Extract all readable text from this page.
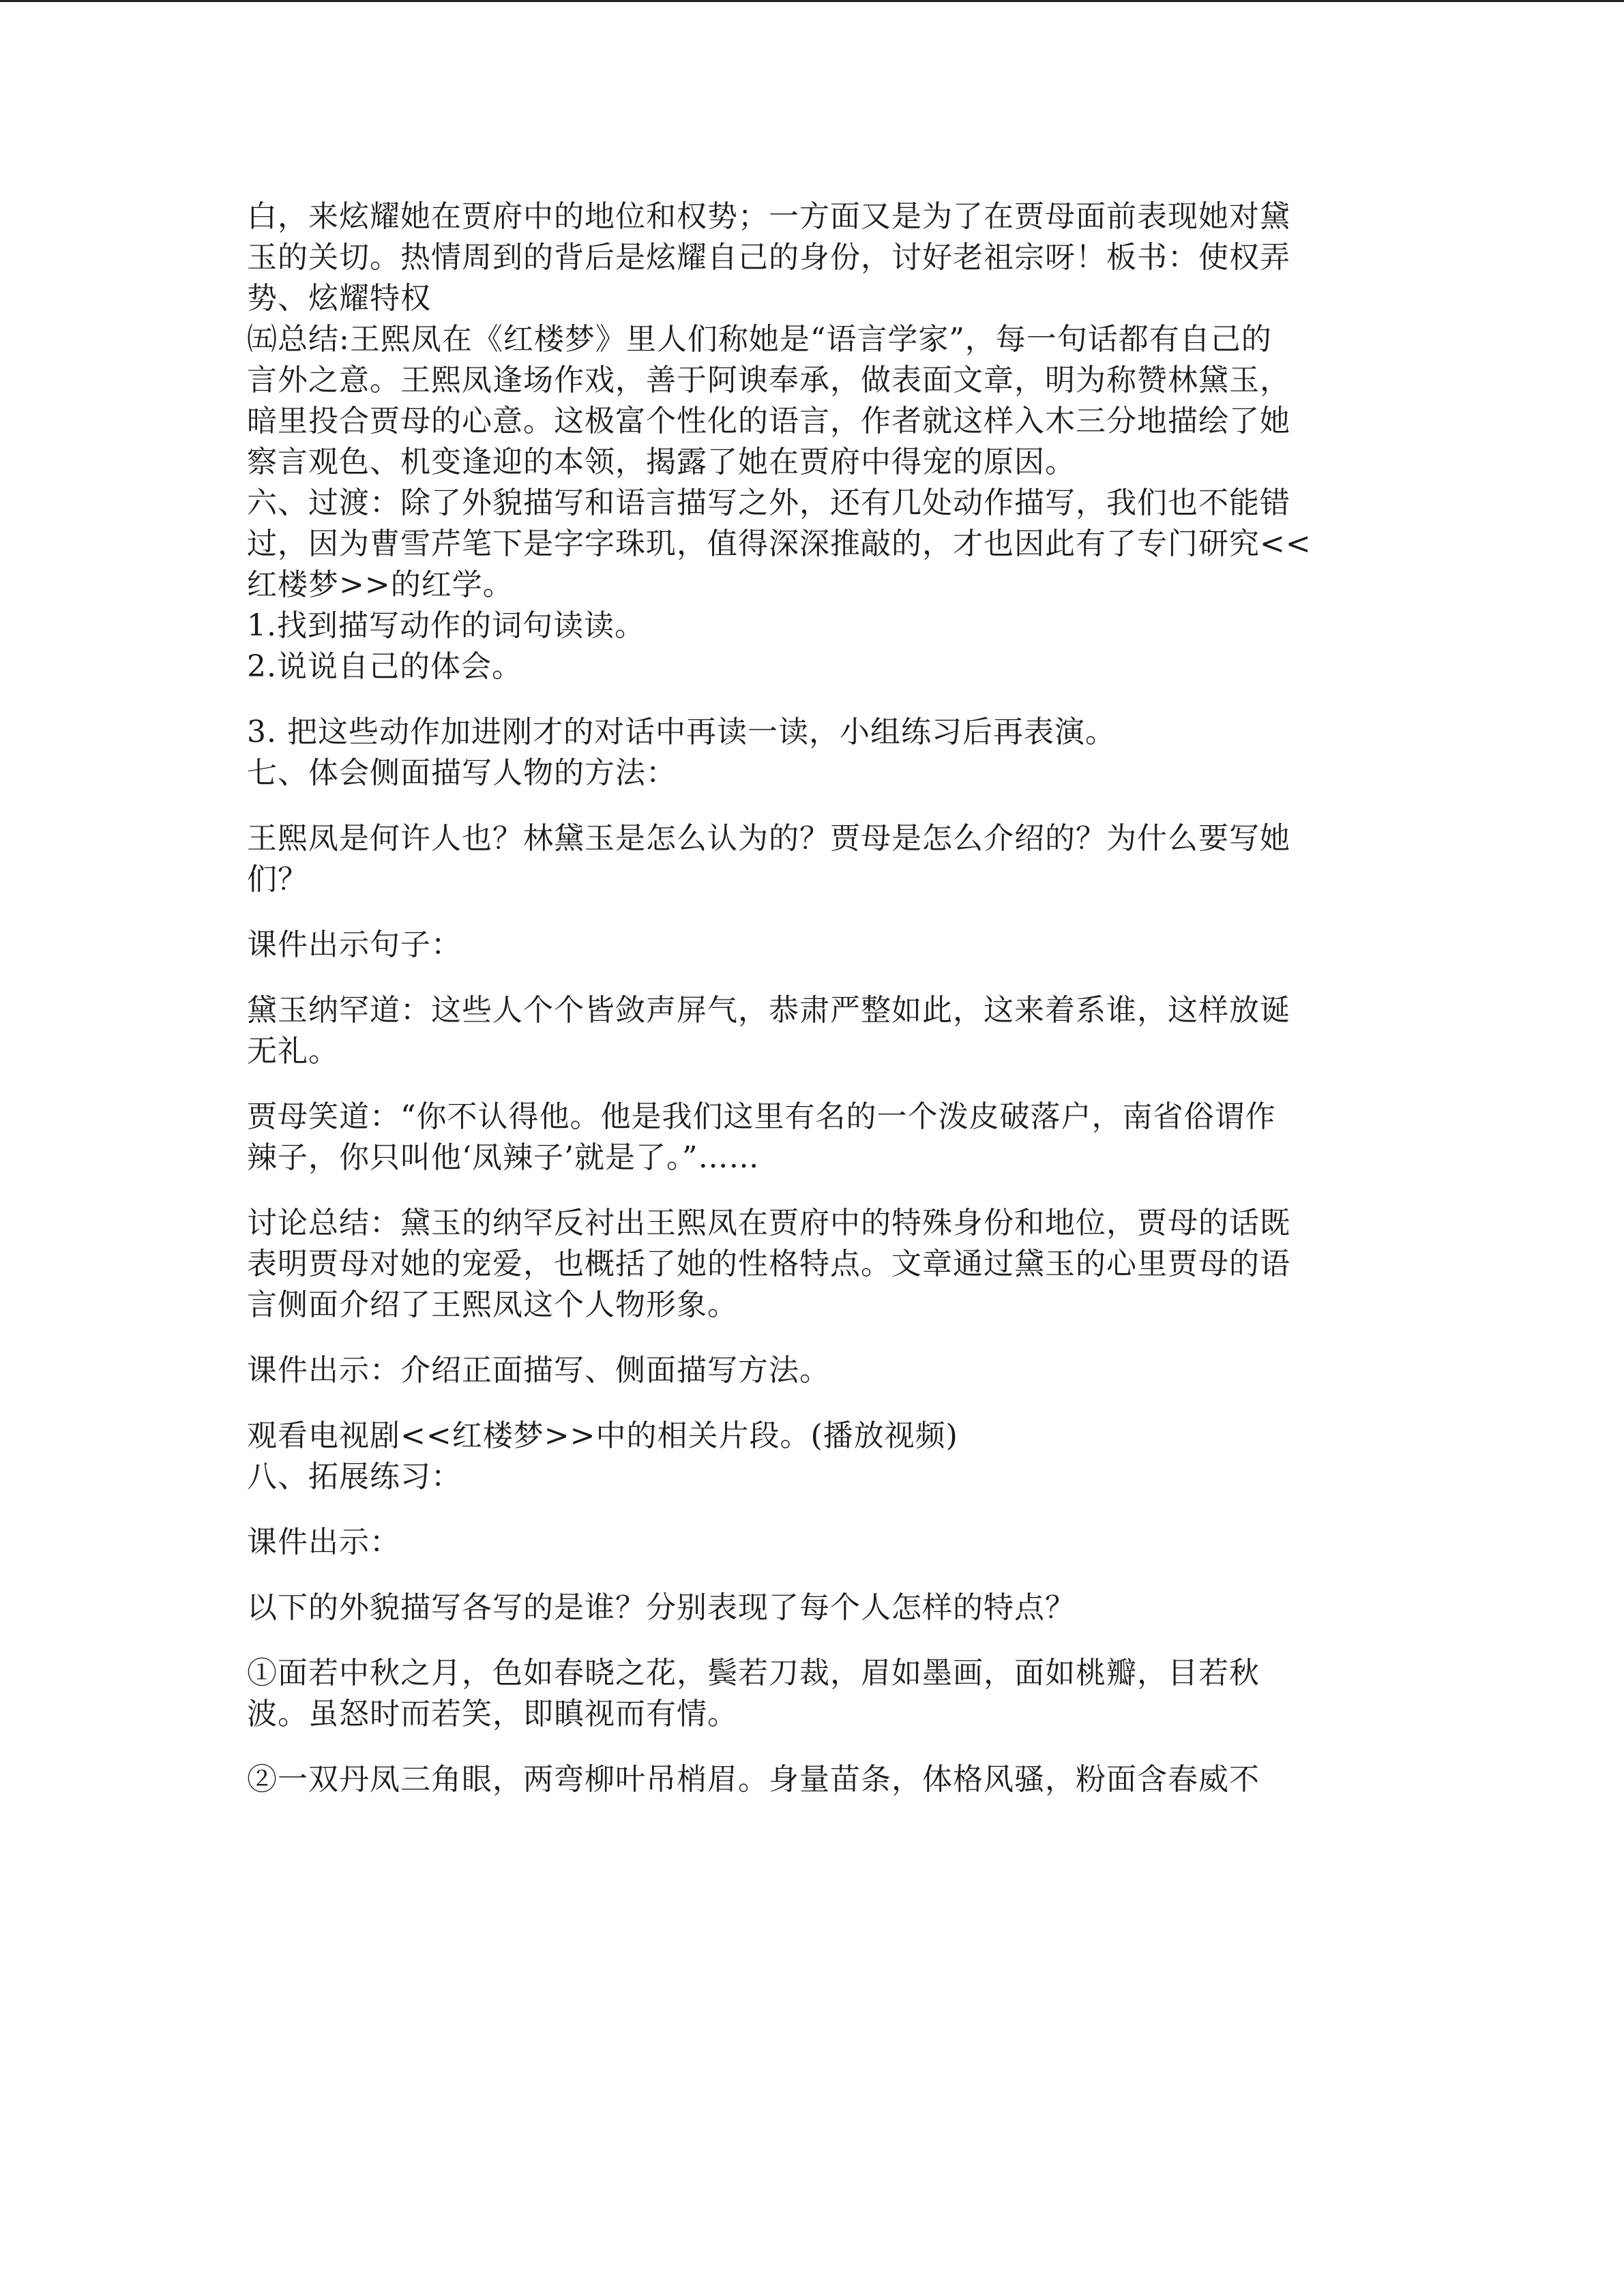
白，来炫耀她在贾府中的地位和权势；一方面又是为了在贾母面前表现她对黛
玉的关切。热情周到的背后是炫耀自己的身份，讨好老祖宗呀！板书：使权弄
势、炫耀特权
㈤总结:王熙凤在《红楼梦》里人们称她是“语言学家”，每一句话都有自己的
言外之意。王熙凤逢场作戏，善于阿谀奉承，做表面文章，明为称赞林黛玉，
暗里投合贾母的心意。这极富个性化的语言，作者就这样入木三分地描绘了她
察言观色、机变逢迎的本领，揭露了她在贾府中得宠的原因。
六、过渡：除了外貌描写和语言描写之外，还有几处动作描写，我们也不能错
过，因为曹雪芹笔下是字字珠玑，值得深深推敲的，才也因此有了专门研究<<
红楼梦>>的红学。
1.找到描写动作的词句读读。
2.说说自己的体会。
3. 把这些动作加进刚才的对话中再读一读，小组练习后再表演。
七、体会侧面描写人物的方法：
王熙凤是何许人也？林黛玉是怎么认为的？贾母是怎么介绍的？为什么要写她
们？
课件出示句子：
黛玉纳罕道：这些人个个皆敛声屏气，恭肃严整如此，这来着系谁，这样放诞
无礼。
贾母笑道：“你不认得他。他是我们这里有名的一个泼皮破落户，南省俗谓作
辣子，你只叫他‘凤辣子’就是了。”……
讨论总结：黛玉的纳罕反衬出王熙凤在贾府中的特殊身份和地位，贾母的话既
表明贾母对她的宠爱，也概括了她的性格特点。文章通过黛玉的心里贾母的语
言侧面介绍了王熙凤这个人物形象。
课件出示：介绍正面描写、侧面描写方法。
观看电视剧<<红楼梦>>中的相关片段。(播放视频)
八、拓展练习：
课件出示：
以下的外貌描写各写的是谁？分别表现了每个人怎样的特点？
①面若中秋之月，色如春晓之花，鬓若刀裁，眉如墨画，面如桃瓣，目若秋
波。虽怒时而若笑，即瞋视而有情。
②一双丹凤三角眼，两弯柳叶吊梢眉。身量苗条，体格风骚，粉面含春威不
